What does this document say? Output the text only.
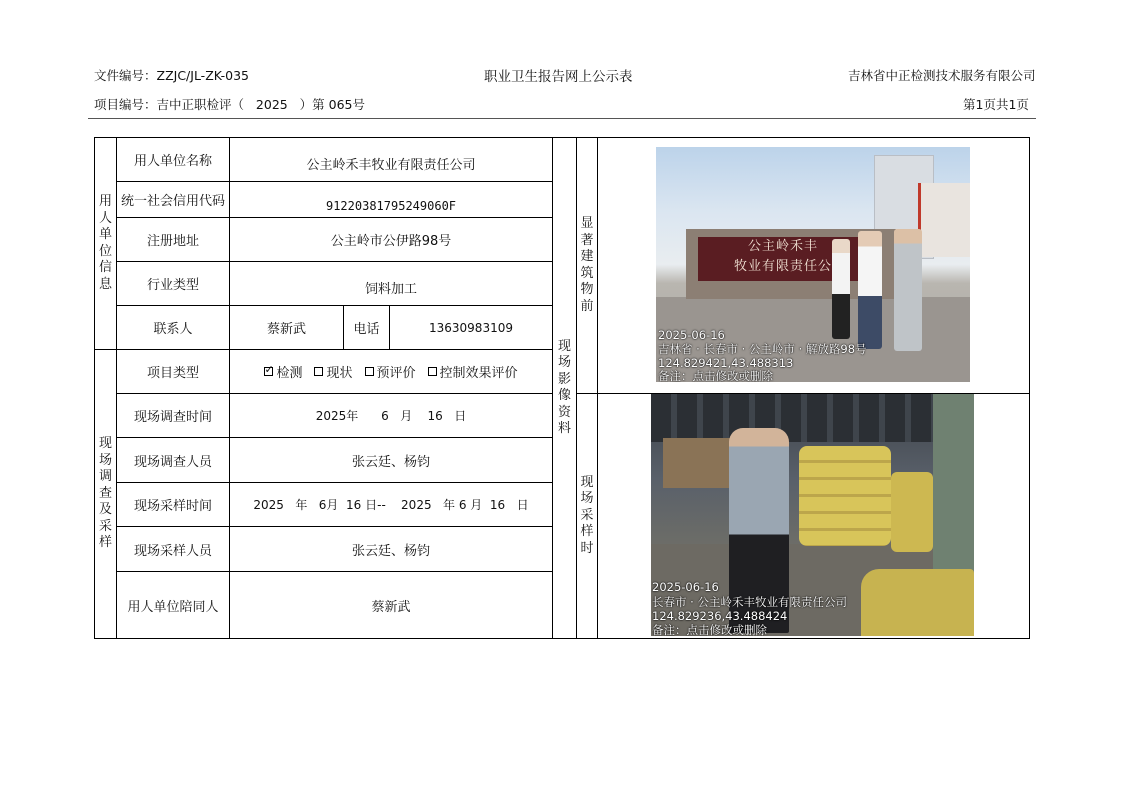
文件编号：ZZJC/JL-ZK-035	职业卫生报告网上公示表	吉林省中正检测技术服务有限公司
项目编号：吉中正职检评（   2025   ）第 065号	第1页共1页
用
人
单
位
信
息
现
场
调
查
及
采
样
现
场
影
像
资
料
显
著
建
筑
物
前
现
场
采
样
时
用人单位名称	公主岭禾丰牧业有限责任公司
统一社会信用代码	91220381795249060F
注册地址	公主岭市公伊路98号
行业类型	饲料加工
联系人	蔡新武	电话	13630983109
项目类型
✓	检测 现状 预评价 控制效果评价
现场调查时间	2025年      6   月    16   日
现场调查人员	张云廷、杨钧
现场采样时间	2025   年   6月  16 日--    2025   年 6 月  16   日
现场采样人员	张云廷、杨钧
用人单位陪同人	蔡新武
公主岭禾丰
牧业有限责任公
2025-06-16
吉林省 · 长春市 · 公主岭市 · 解放路98号
124.829421,43.488313
备注：点击修改或删除
2025-06-16
长春市 · 公主岭禾丰牧业有限责任公司
124.829236,43.488424
备注：点击修改或删除
